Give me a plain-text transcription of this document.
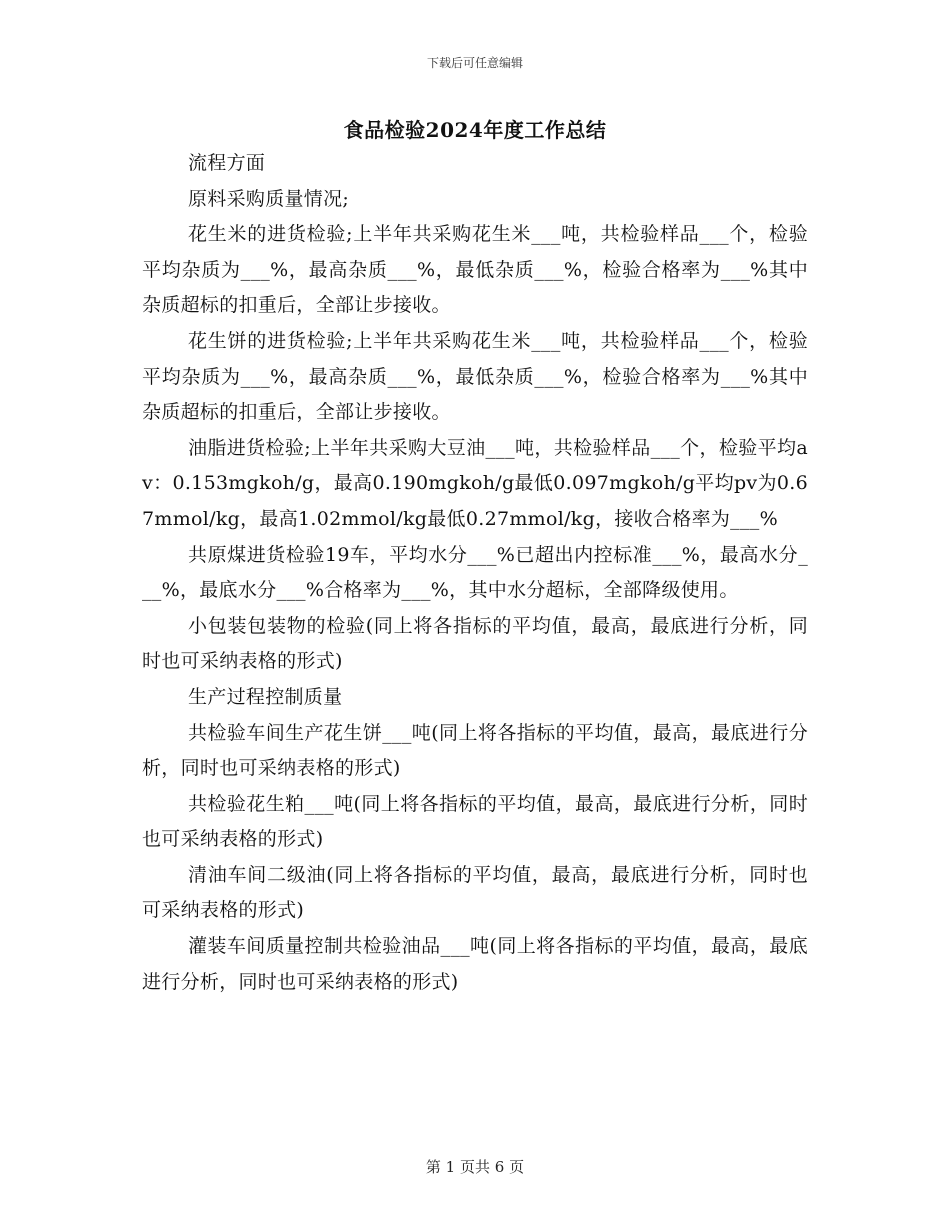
下载后可任意编辑
食品检验2024年度工作总结

流程方面

原料采购质量情况;

花生米的进货检验;上半年共采购花生米___吨，共检验样品___个，检验平均杂质为___%，最高杂质___%，最低杂质___%，检验合格率为___%其中杂质超标的扣重后，全部让步接收。

花生饼的进货检验;上半年共采购花生米___吨，共检验样品___个，检验平均杂质为___%，最高杂质___%，最低杂质___%，检验合格率为___%其中杂质超标的扣重后，全部让步接收。

油脂进货检验;上半年共采购大豆油___吨，共检验样品___个，检验平均av：0.153mgkoh/g，最高0.190mgkoh/g最低0.097mgkoh/g平均pv为0.67mmol/kg，最高1.02mmol/kg最低0.27mmol/kg，接收合格率为___%

共原煤进货检验19车，平均水分___%已超出内控标准___%，最高水分___%，最底水分___%合格率为___%，其中水分超标，全部降级使用。

小包装包装物的检验(同上将各指标的平均值，最高，最底进行分析，同时也可采纳表格的形式)

生产过程控制质量

共检验车间生产花生饼___吨(同上将各指标的平均值，最高，最底进行分析，同时也可采纳表格的形式)

共检验花生粕___吨(同上将各指标的平均值，最高，最底进行分析，同时也可采纳表格的形式)

清油车间二级油(同上将各指标的平均值，最高，最底进行分析，同时也可采纳表格的形式)

灌装车间质量控制共检验油品___吨(同上将各指标的平均值，最高，最底进行分析，同时也可采纳表格的形式)

第 1 页共 6 页
